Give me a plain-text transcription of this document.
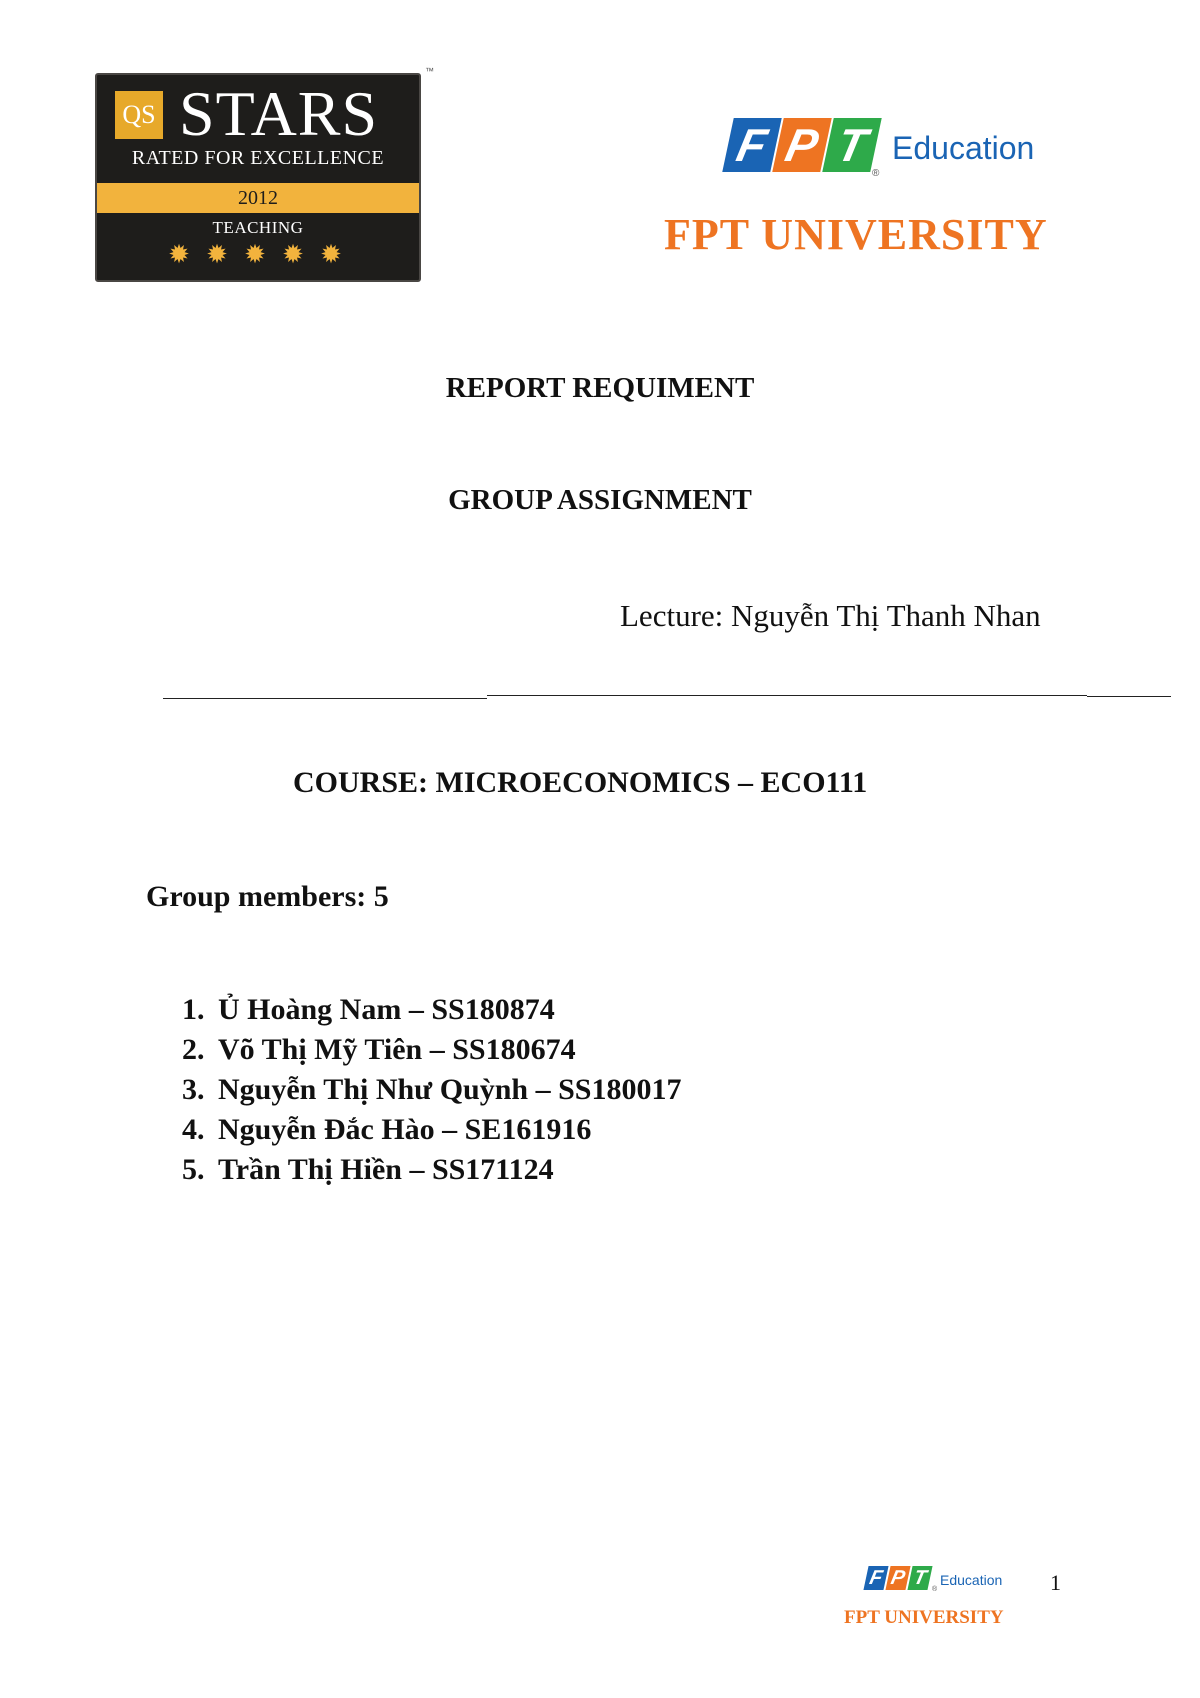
QS STARS
RATED FOR EXCELLENCE
2012
TEACHING
✹ ✹ ✹ ✹ ✹
™
F P T
®
Education
FPT UNIVERSITY
REPORT REQUIMENT
GROUP ASSIGNMENT
Lecture: Nguyễn Thị Thanh Nhan
COURSE: MICROECONOMICS – ECO111
Group members: 5
1. Ủ Hoàng Nam – SS180874
2. Võ Thị Mỹ Tiên – SS180674
3. Nguyễn Thị Như Quỳnh – SS180017
4. Nguyễn Đắc Hào – SE161916
5. Trần Thị Hiền – SS171124
F P T
®
Education
FPT UNIVERSITY
1
